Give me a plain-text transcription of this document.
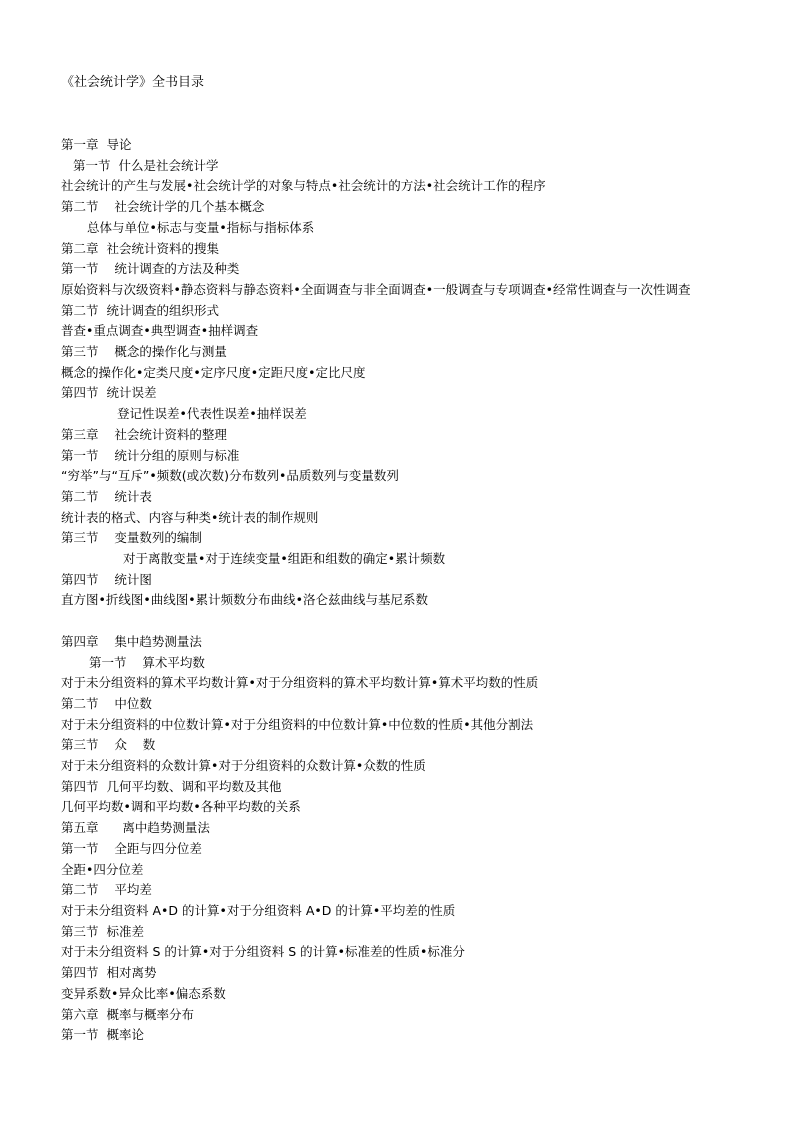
《社会统计学》全书目录
第一章  导论
第一节  什么是社会统计学
社会统计的产生与发展•社会统计学的对象与特点•社会统计的方法•社会统计工作的程序
第二节    社会统计学的几个基本概念
总体与单位•标志与变量•指标与指标体系
第二章  社会统计资料的搜集
第一节    统计调查的方法及种类
原始资料与次级资料•静态资料与静态资料•全面调查与非全面调查•一般调查与专项调查•经常性调查与一次性调查
第二节  统计调查的组织形式
普查•重点调查•典型调查•抽样调查
第三节    概念的操作化与测量
概念的操作化•定类尺度•定序尺度•定距尺度•定比尺度
第四节  统计误差
登记性误差•代表性误差•抽样误差
第三章    社会统计资料的整理
第一节    统计分组的原则与标准
“穷举”与“互斥”•频数(或次数)分布数列•品质数列与变量数列
第二节    统计表
统计表的格式、内容与种类•统计表的制作规则
第三节    变量数列的编制
对于离散变量•对于连续变量•组距和组数的确定•累计频数
第四节    统计图
直方图•折线图•曲线图•累计频数分布曲线•洛仑兹曲线与基尼系数
第四章    集中趋势测量法
第一节    算术平均数
对于未分组资料的算术平均数计算•对于分组资料的算术平均数计算•算术平均数的性质
第二节    中位数
对于未分组资料的中位数计算•对于分组资料的中位数计算•中位数的性质•其他分割法
第三节    众    数
对于未分组资料的众数计算•对于分组资料的众数计算•众数的性质
第四节  几何平均数、调和平均数及其他
几何平均数•调和平均数•各种平均数的关系
第五章      离中趋势测量法
第一节    全距与四分位差
全距•四分位差
第二节    平均差
对于未分组资料 A•D 的计算•对于分组资料 A•D 的计算•平均差的性质
第三节  标准差
对于未分组资料 S 的计算•对于分组资料 S 的计算•标准差的性质•标准分
第四节  相对离势
变异系数•异众比率•偏态系数
第六章  概率与概率分布
第一节  概率论
